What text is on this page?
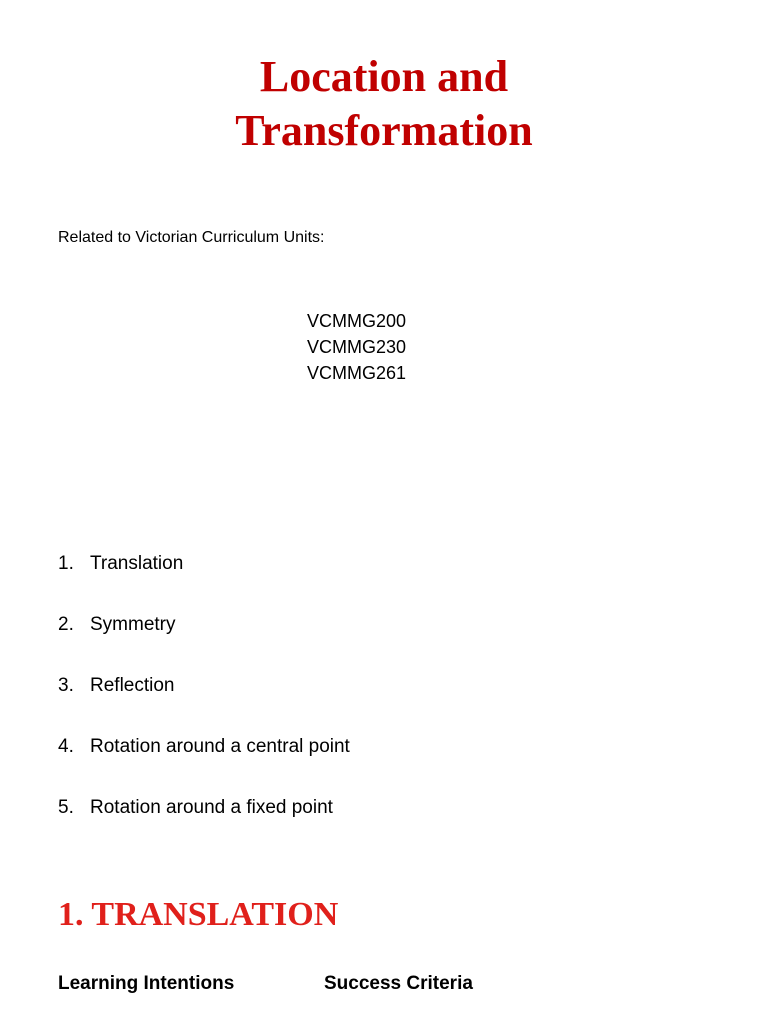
Location and
Transformation

Related to Victorian Curriculum Units:

VCMMG200
VCMMG230
VCMMG261
1. Translation
2. Symmetry
3. Reflection
4. Rotation around a central point
5. Rotation around a fixed point
1. TRANSLATION

Learning Intentions	Success Criteria
